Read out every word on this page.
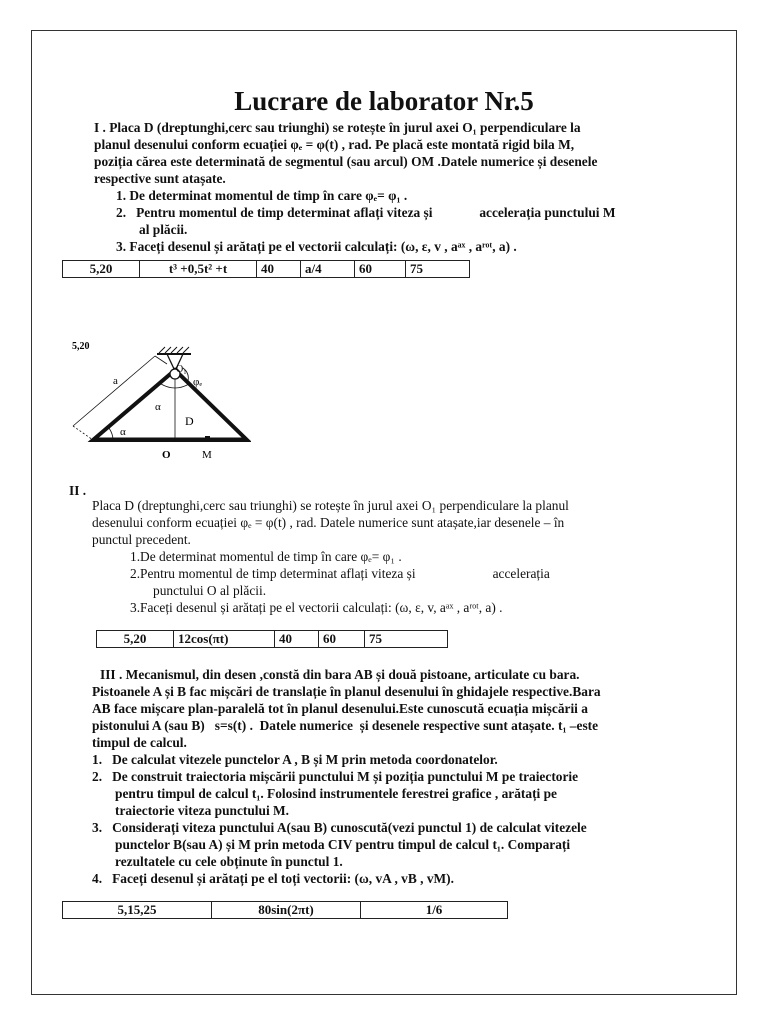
Lucrare de laborator Nr.5
I . Placa D (dreptunghi,cerc sau triunghi) se rotește în jurul axei O₁ perpendiculare la
planul desenului conform ecuației φₑ = φ(t) , rad. Pe placă este montată rigid bila M,
poziția cărea este determinată de segmentul (sau arcul) OM .Datele numerice și desenele
respective sunt atașate.
1. De determinat momentul de timp în care φₑ= φ₁ .
2.   Pentru momentul de timp determinat aflați viteza și              accelerația punctului M
al plăcii.
3. Faceți desenul și arătați pe el vectorii calculați: (ω, ε, v , aᵃˣ , aʳᵒᵗ, a) .
5,20	t³ +0,5t² +t	40	a/4	60	75
5,20
a
α
α
O₁
φₑ
D
O	M
II .
Placa D (dreptunghi,cerc sau triunghi) se rotește în jurul axei O₁ perpendiculare la planul
desenului conform ecuației φₑ = φ(t) , rad. Datele numerice sunt atașate,iar desenele – în
punctul precedent.
1.De determinat momentul de timp în care φₑ= φ₁ .
2.Pentru momentul de timp determinat aflați viteza și                       accelerația
punctului O al plăcii.
3.Faceți desenul și arătați pe el vectorii calculați: (ω, ε, v, aᵃˣ , aʳᵒᵗ, a) .
5,20	12cos(πt)	40	60	75
III . Mecanismul, din desen ,constă din bara AB și două pistoane, articulate cu bara.
Pistoanele A și B fac mișcări de translație în planul desenului în ghidajele respective.Bara
AB face mișcare plan-paralelă tot în planul desenului.Este cunoscută ecuația mișcării a
pistonului A (sau B)   s=s(t) .  Datele numerice  și desenele respective sunt atașate. t₁ –este
timpul de calcul.
1.   De calculat vitezele punctelor A , B și M prin metoda coordonatelor.
2.   De construit traiectoria mișcării punctului M și poziția punctului M pe traiectorie
pentru timpul de calcul t₁. Folosind instrumentele ferestrei grafice , arătați pe
traiectorie viteza punctului M.
3.   Considerați viteza punctului A(sau B) cunoscută(vezi punctul 1) de calculat vitezele
punctelor B(sau A) și M prin metoda CIV pentru timpul de calcul t₁. Comparați
rezultatele cu cele obținute în punctul 1.
4.   Faceți desenul și arătați pe el toți vectorii: (ω, vA , vB , vM).
5,15,25	80sin(2πt)	1/6
